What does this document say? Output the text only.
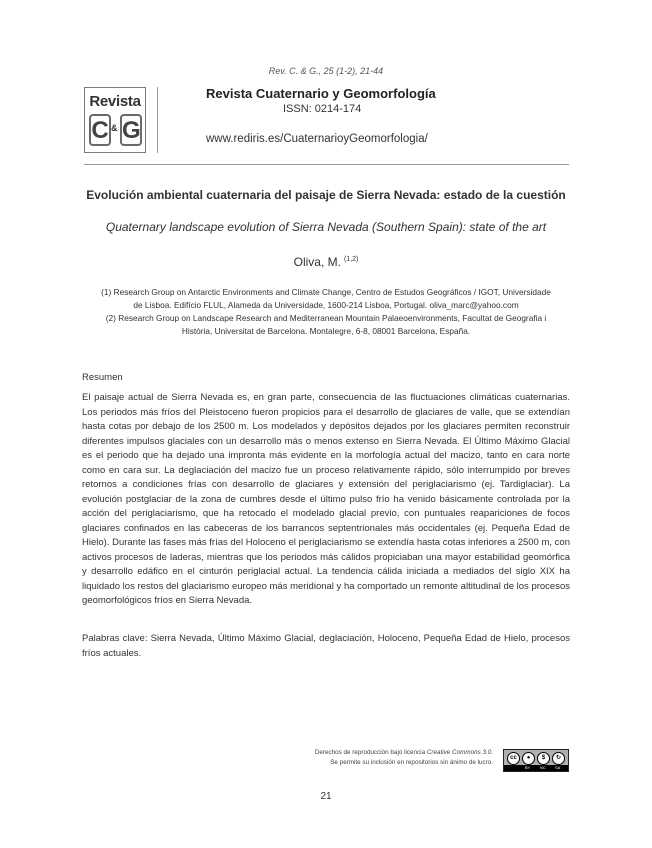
Rev. C. & G., 25 (1-2), 21-44
Revista
C & G
Revista Cuaternario y Geomorfología
ISSN: 0214-174
www.rediris.es/CuaternarioyGeomorfologia/
Evolución ambiental cuaternaria del paisaje de Sierra Nevada: estado de la cuestión
Quaternary landscape evolution of Sierra Nevada (Southern Spain): state of the art
Oliva, M. $^{(1,2)}$
(1) Research Group on Antarctic Environments and Climate Change, Centro de Estudos Geográficos / IGOT, Universidade de Lisboa. Edifício FLUL, Alameda da Universidade, 1600-214 Lisboa, Portugal. oliva_marc@yahoo.com
(2) Research Group on Landscape Research and Mediterranean Mountain Palaeoenvironments, Facultat de Geografia i Història, Universitat de Barcelona. Montalegre, 6-8, 08001 Barcelona, España.
Resumen
El paisaje actual de Sierra Nevada es, en gran parte, consecuencia de las fluctuaciones climáticas cuaternarias. Los periodos más fríos del Pleistoceno fueron propicios para el desarrollo de glaciares de valle, que se extendían hasta cotas por debajo de los 2500 m. Los modelados y depósitos dejados por los glaciares permiten reconstruir diferentes impulsos glaciales con un desarrollo más o menos extenso en Sierra Nevada. El Último Máximo Glacial es el periodo que ha dejado una impronta más evidente en la morfología actual del macizo, tanto en cara norte como en cara sur. La deglaciación del macizo fue un proceso relativamente rápido, sólo interrumpido por breves retornos a condiciones frías con desarrollo de glaciares y extensión del periglaciarismo (ej. Tardiglaciar). La evolución postglaciar de la zona de cumbres desde el último pulso frío ha venido básicamente controlada por la acción del periglaciarismo, que ha retocado el modelado glacial previo, con puntuales reapariciones de focos glaciares confinados en las cabeceras de los barrancos septentrionales más occidentales (ej. Pequeña Edad de Hielo). Durante las fases más frías del Holoceno el periglaciarismo se extendía hasta cotas inferiores a 2500 m, con activos procesos de laderas, mientras que los periodos más cálidos propiciaban una mayor estabilidad geomórfica y desarrollo edáfico en el cinturón periglacial actual. La tendencia cálida iniciada a mediados del siglo XIX ha liquidado los restos del glaciarismo europeo más meridional y ha comportado un remonte altitudinal de los procesos geomorfológicos fríos en Sierra Nevada.
Palabras clave: Sierra Nevada, Último Máximo Glacial, deglaciación, Holoceno, Pequeña Edad de Hielo, procesos fríos actuales.
Derechos de reproducción bajo licencia Creative Commons 3.0.
Se permite su inclusión en repositorios sin ánimo de lucro.
cc	●	$	↻
BY NC SA
21
